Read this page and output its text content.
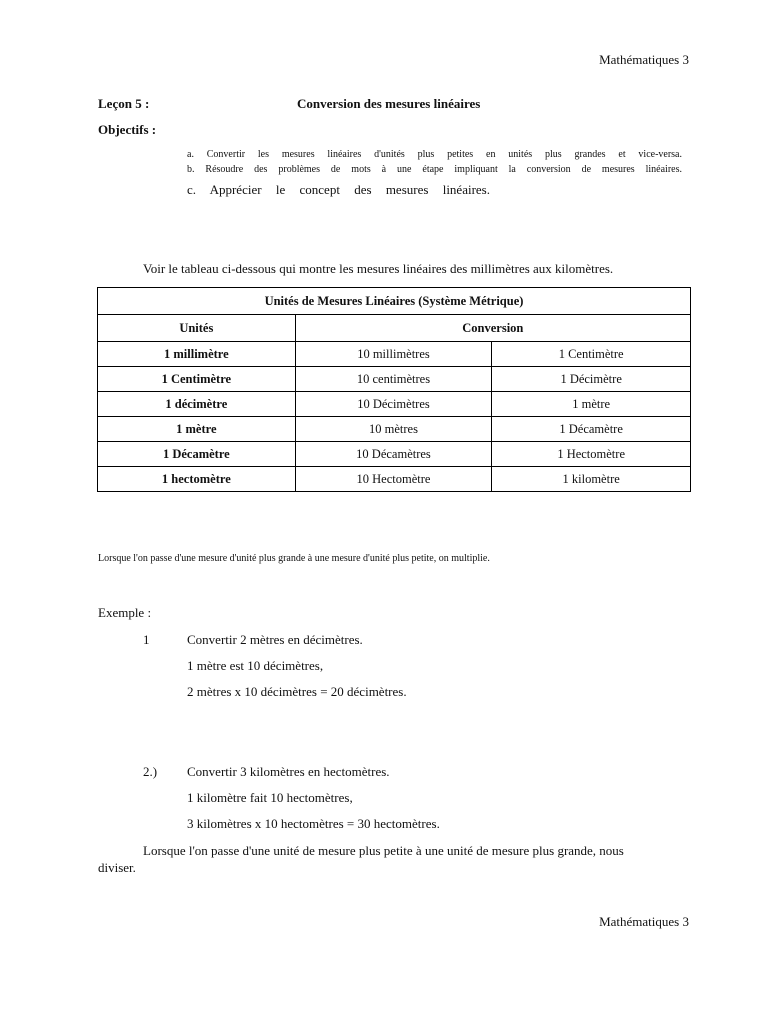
Mathématiques 3
Leçon 5 :	Conversion des mesures linéaires
Objectifs :
a. Convertir les mesures linéaires d'unités plus petites en unités plus grandes et vice-versa.
b. Résoudre des problèmes de mots à une étape impliquant la conversion de mesures linéaires.
c. Apprécier le concept des mesures linéaires.
Voir le tableau ci-dessous qui montre les mesures linéaires des millimètres aux kilomètres.
Unités de Mesures Linéaires (Système Métrique)		
Unités	Conversion	
1 millimètre	10 millimètres	1 Centimètre
1 Centimètre	10 centimètres	1 Décimètre
1 décimètre	10 Décimètres	1 mètre
1 mètre	10 mètres	1 Décamètre
1 Décamètre	10 Décamètres	1 Hectomètre
1 hectomètre	10 Hectomètre	1 kilomètre
Lorsque l'on passe d'une mesure d'unité plus grande à une mesure d'unité plus petite, on multiplie.
Exemple :
1	Convertir 2 mètres en décimètres.
1 mètre est 10 décimètres,
2 mètres x 10 décimètres = 20 décimètres.
2.) Convertir 3 kilomètres en hectomètres.
1 kilomètre fait 10 hectomètres,
3 kilomètres x 10 hectomètres = 30 hectomètres.
Lorsque l'on passe d'une unité de mesure plus petite à une unité de mesure plus grande, nous
diviser.
Mathématiques 3
